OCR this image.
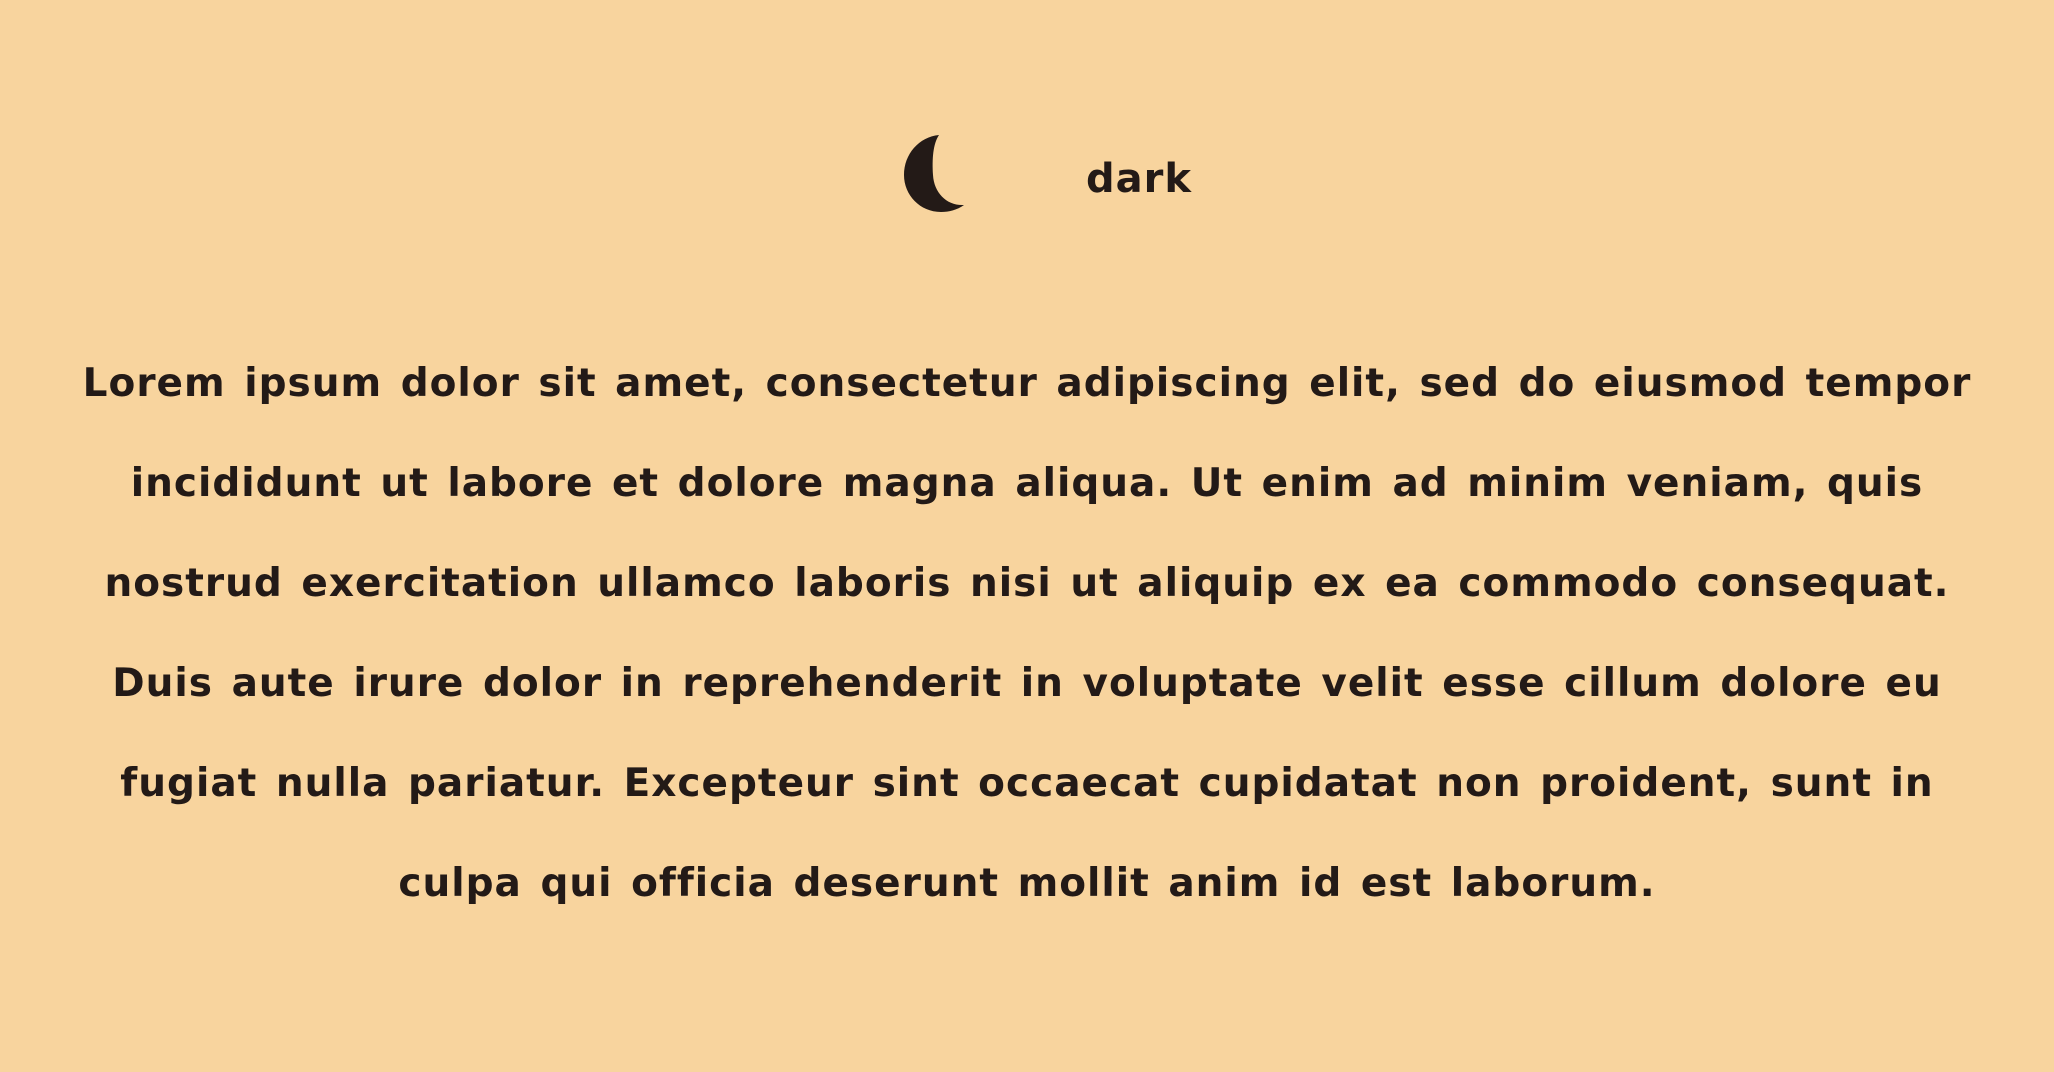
dark

Lorem ipsum dolor sit amet, consectetur adipiscing elit, sed do eiusmod tempor incididunt ut labore et dolore magna aliqua. Ut enim ad minim veniam, quis nostrud exercitation ullamco laboris nisi ut aliquip ex ea commodo consequat. Duis aute irure dolor in reprehenderit in voluptate velit esse cillum dolore eu fugiat nulla pariatur. Excepteur sint occaecat cupidatat non proident, sunt in culpa qui officia deserunt mollit anim id est laborum.
